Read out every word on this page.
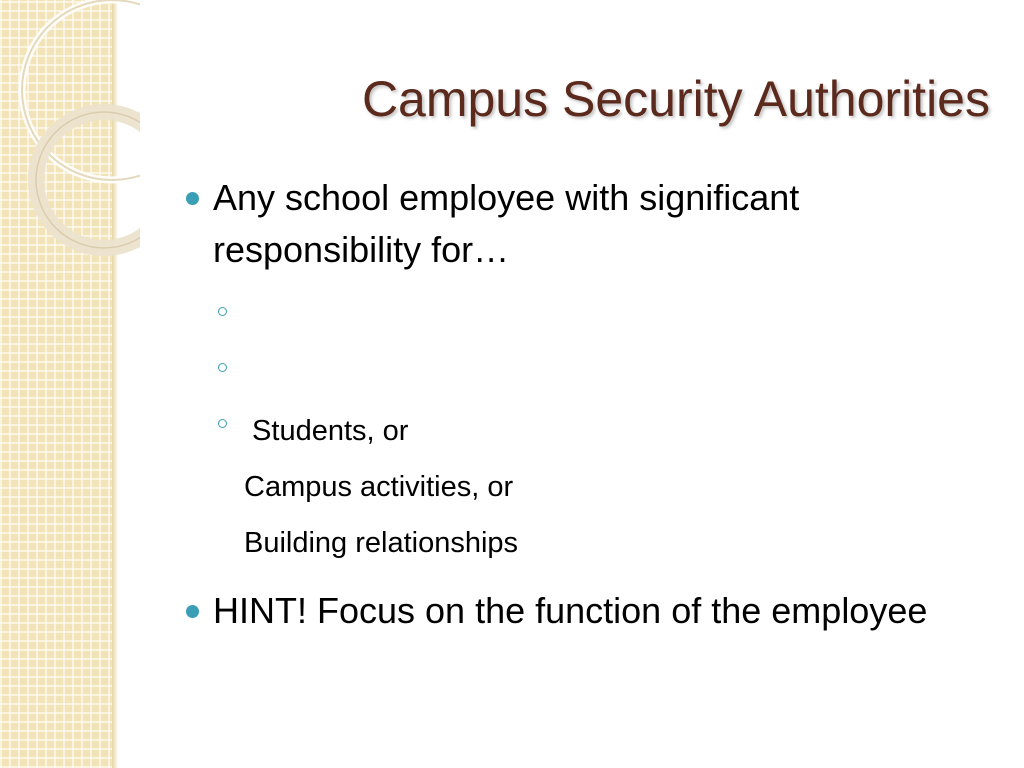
Campus Security Authorities
Any school employee with significant responsibility for…

Students, or

Campus activities, or

Building relationships

HINT! Focus on the function of the employee
